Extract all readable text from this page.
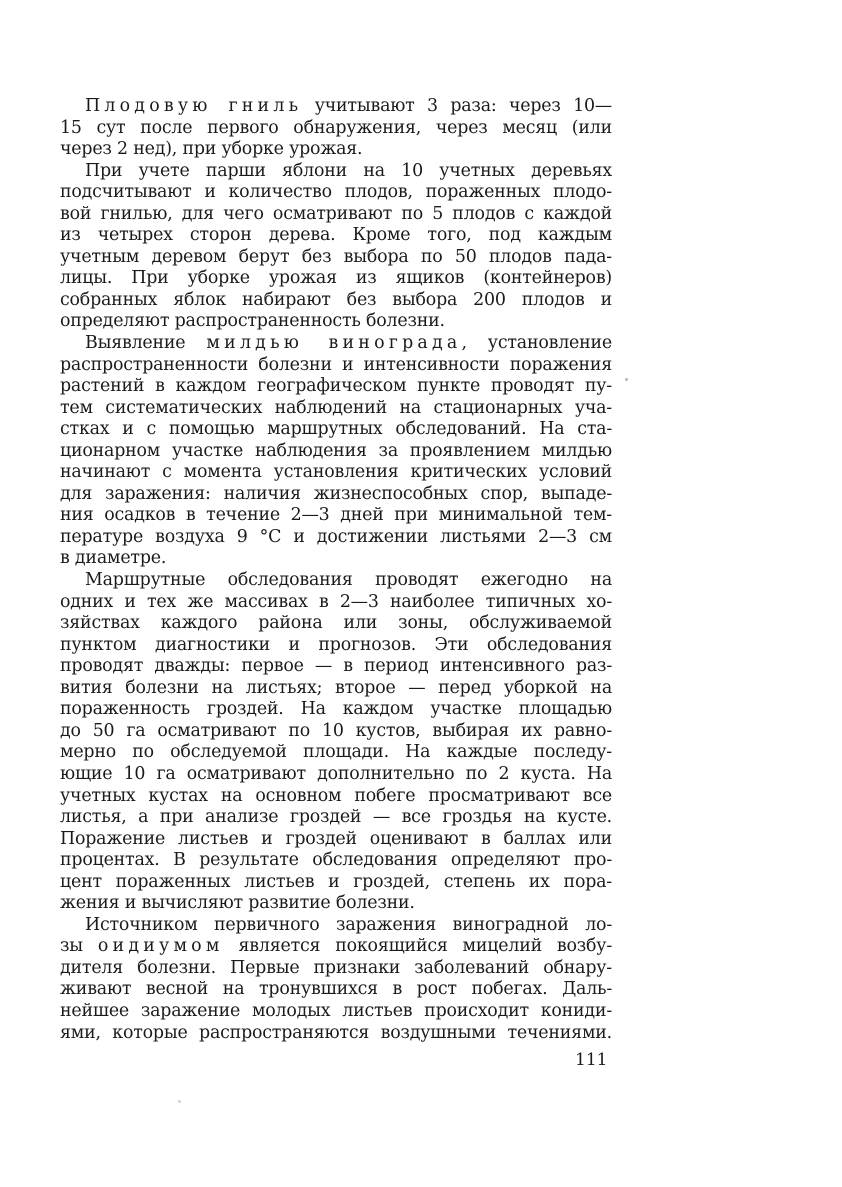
Плодовую гниль учитывают 3 раза: через 10—
15 сут после первого обнаружения, через месяц (или
через 2 нед), при уборке урожая.
При учете парши яблони на 10 учетных деревьях
подсчитывают и количество плодов, пораженных плодо-
вой гнилью, для чего осматривают по 5 плодов с каждой
из четырех сторон дерева. Кроме того, под каждым
учетным деревом берут без выбора по 50 плодов пада-
лицы. При уборке урожая из ящиков (контейнеров)
собранных яблок набирают без выбора 200 плодов и
определяют распространенность болезни.
Выявление милдью винограда, установление
распространенности болезни и интенсивности поражения
растений в каждом географическом пункте проводят пу-
тем систематических наблюдений на стационарных уча-
стках и с помощью маршрутных обследований. На ста-
ционарном участке наблюдения за проявлением милдью
начинают с момента установления критических условий
для заражения: наличия жизнеспособных спор, выпаде-
ния осадков в течение 2—3 дней при минимальной тем-
пературе воздуха 9 °С и достижении листьями 2—3 см
в диаметре.
Маршрутные обследования проводят ежегодно на
одних и тех же массивах в 2—3 наиболее типичных хо-
зяйствах каждого района или зоны, обслуживаемой
пунктом диагностики и прогнозов. Эти обследования
проводят дважды: первое — в период интенсивного раз-
вития болезни на листьях; второе — перед уборкой на
пораженность гроздей. На каждом участке площадью
до 50 га осматривают по 10 кустов, выбирая их равно-
мерно по обследуемой площади. На каждые последу-
ющие 10 га осматривают дополнительно по 2 куста. На
учетных кустах на основном побеге просматривают все
листья, а при анализе гроздей — все гроздья на кусте.
Поражение листьев и гроздей оценивают в баллах или
процентах. В результате обследования определяют про-
цент пораженных листьев и гроздей, степень их пора-
жения и вычисляют развитие болезни.
Источником первичного заражения виноградной ло-
зы оидиумом является покоящийся мицелий возбу-
дителя болезни. Первые признаки заболеваний обнару-
живают весной на тронувшихся в рост побегах. Даль-
нейшее заражение молодых листьев происходит кониди-
ями, которые распространяются воздушными течениями.
111
